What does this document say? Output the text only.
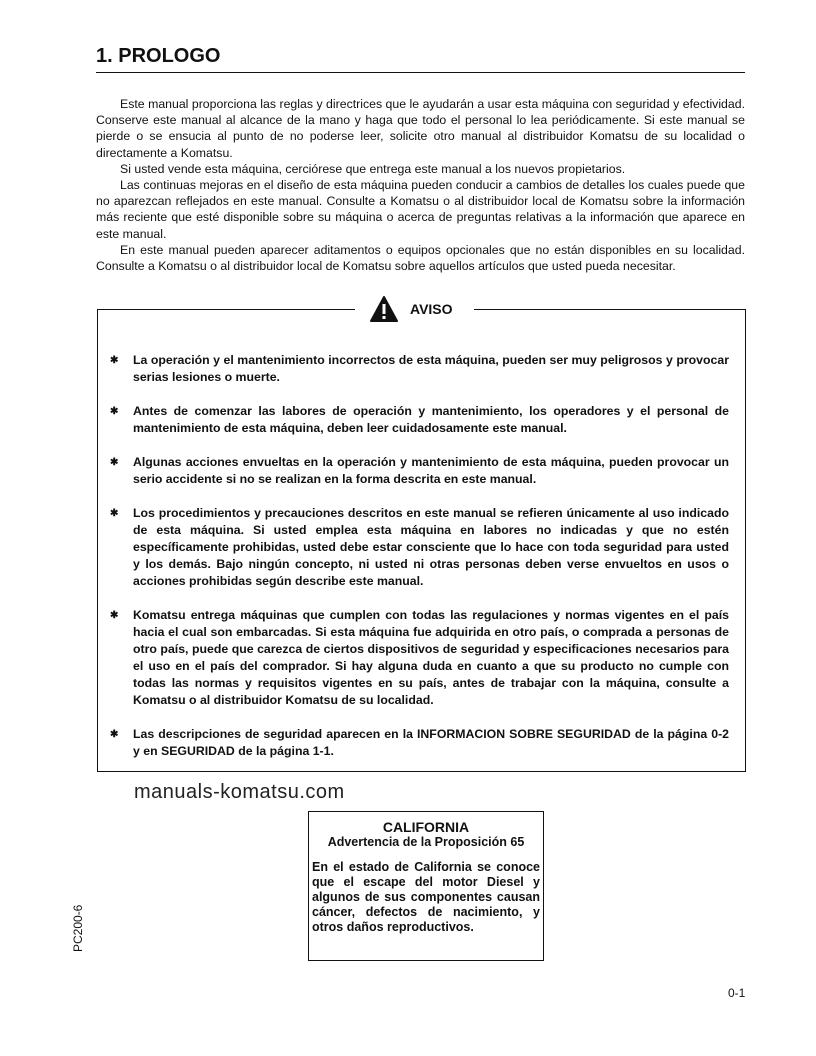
1. PROLOGO

Este manual proporciona las reglas y directrices que le ayudarán a usar esta máquina con seguridad y efectividad. Conserve este manual al alcance de la mano y haga que todo el personal lo lea periódicamente. Si este manual se pierde o se ensucia al punto de no poderse leer, solicite otro manual al distribuidor Komatsu de su localidad o directamente a Komatsu.

Si usted vende esta máquina, cerciórese que entrega este manual a los nuevos propietarios.

Las continuas mejoras en el diseño de esta máquina pueden conducir a cambios de detalles los cuales puede que no aparezcan reflejados en este manual. Consulte a Komatsu o al distribuidor local de Komatsu sobre la información más reciente que esté disponible sobre su máquina o acerca de preguntas relativas a la información que aparece en este manual.

En este manual pueden aparecer aditamentos o equipos opcionales que no están disponibles en su localidad. Consulte a Komatsu o al distribuidor local de Komatsu sobre aquellos artículos que usted pueda necesitar.

AVISO
✱	La operación y el mantenimiento incorrectos de esta máquina, pueden ser muy peligrosos y provocar serias lesiones o muerte.
✱	Antes de comenzar las labores de operación y mantenimiento, los operadores y el personal de mantenimiento de esta máquina, deben leer cuidadosamente este manual.
✱	Algunas acciones envueltas en la operación y mantenimiento de esta máquina, pueden provocar un serio accidente si no se realizan en la forma descrita en este manual.
✱	Los procedimientos y precauciones descritos en este manual se refieren únicamente al uso indicado de esta máquina. Si usted emplea esta máquina en labores no indicadas y que no estén específicamente prohibidas, usted debe estar consciente que lo hace con toda seguridad para usted y los demás. Bajo ningún concepto, ni usted ni otras personas deben verse envueltos en usos o acciones prohibidas según describe este manual.
✱	Komatsu entrega máquinas que cumplen con todas las regulaciones y normas vigentes en el país hacia el cual son embarcadas. Si esta máquina fue adquirida en otro país, o comprada a personas de otro país, puede que carezca de ciertos dispositivos de seguridad y especificaciones necesarios para el uso en el país del comprador. Si hay alguna duda en cuanto a que su producto no cumple con todas las normas y requisitos vigentes en su país, antes de trabajar con la máquina, consulte a Komatsu o al distribuidor Komatsu de su localidad.
✱	Las descripciones de seguridad aparecen en la INFORMACION SOBRE SEGURIDAD de la página 0-2 y en SEGURIDAD de la página 1-1.
manuals-komatsu.com
CALIFORNIA
Advertencia de la Proposición 65
En el estado de California se conoce que el escape del motor Diesel y algunos de sus componentes causan cáncer, defectos de nacimiento, y otros daños reproductivos.
PC200-6
0-1
